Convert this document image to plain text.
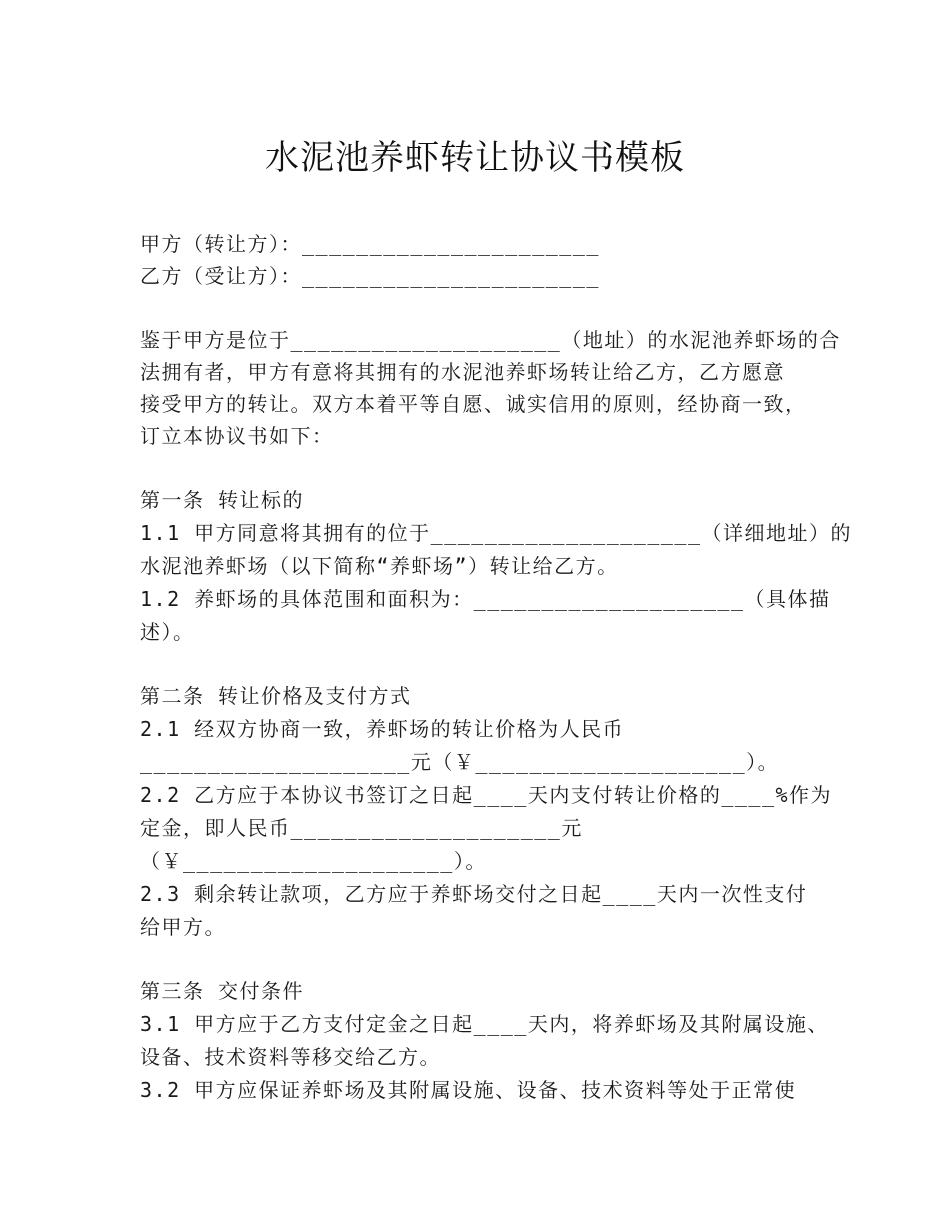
水泥池养虾转让协议书模板
甲方（转让方）：______________________
乙方（受让方）：______________________
鉴于甲方是位于____________________（地址）的水泥池养虾场的合
法拥有者，甲方有意将其拥有的水泥池养虾场转让给乙方，乙方愿意
接受甲方的转让。双方本着平等自愿、诚实信用的原则，经协商一致，
订立本协议书如下：
第一条 转让标的
1.1 甲方同意将其拥有的位于____________________（详细地址）的
水泥池养虾场（以下简称“养虾场”）转让给乙方。
1.2 养虾场的具体范围和面积为：____________________（具体描
述）。
第二条 转让价格及支付方式
2.1 经双方协商一致，养虾场的转让价格为人民币
____________________元（￥____________________）。
2.2 乙方应于本协议书签订之日起____天内支付转让价格的____%作为
定金，即人民币____________________元
（￥____________________）。
2.3 剩余转让款项，乙方应于养虾场交付之日起____天内一次性支付
给甲方。
第三条 交付条件
3.1 甲方应于乙方支付定金之日起____天内，将养虾场及其附属设施、
设备、技术资料等移交给乙方。
3.2 甲方应保证养虾场及其附属设施、设备、技术资料等处于正常使
